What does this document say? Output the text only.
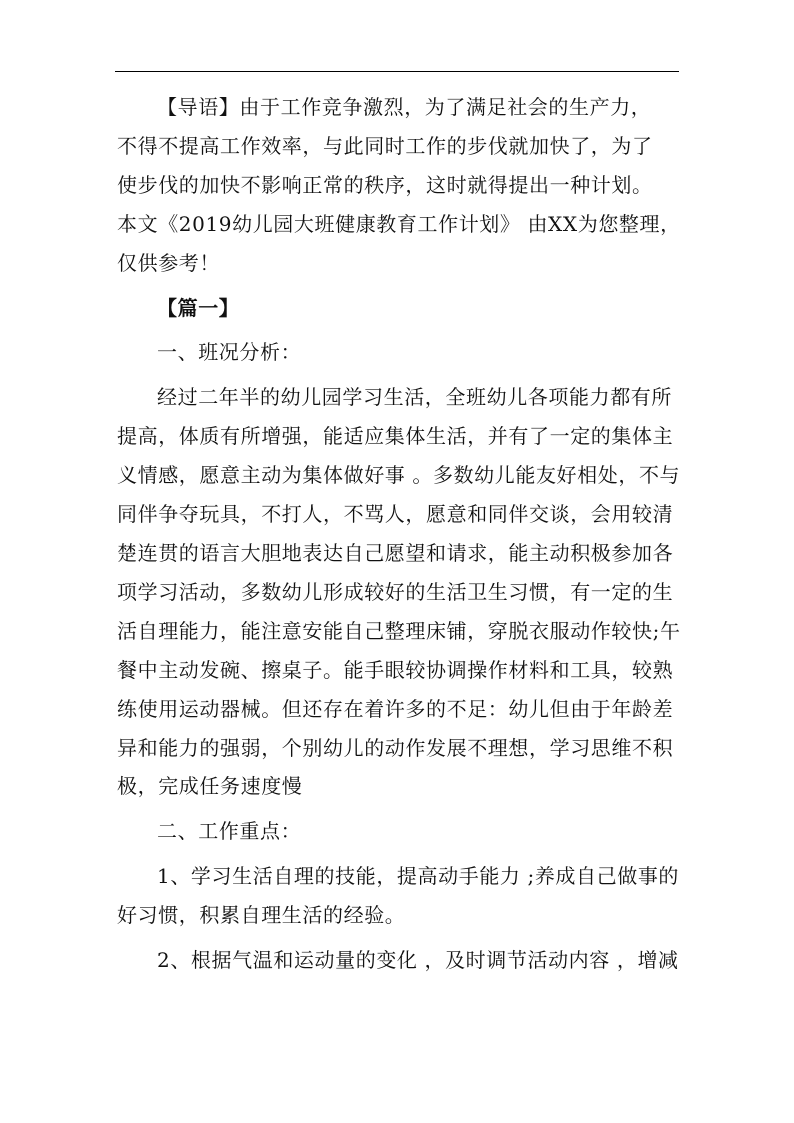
【导语】由于工作竞争激烈，为了满足社会的生产力，
不得不提高工作效率，与此同时工作的步伐就加快了，为了
使步伐的加快不影响正常的秩序，这时就得提出一种计划。
本文《2019幼儿园大班健康教育工作计划》 由XX为您整理，
仅供参考！

【篇一】

一、班况分析：

经过二年半的幼儿园学习生活，全班幼儿各项能力都有所提高，体质有所增强，能适应集体生活，并有了一定的集体主义情感，愿意主动为集体做好事 。多数幼儿能友好相处，不与同伴争夺玩具，不打人，不骂人，愿意和同伴交谈，会用较清楚连贯的语言大胆地表达自己愿望和请求，能主动积极参加各项学习活动，多数幼儿形成较好的生活卫生习惯，有一定的生活自理能力，能注意安能自己整理床铺，穿脱衣服动作较快;午餐中主动发碗、擦桌子。能手眼较协调操作材料和工具，较熟练使用运动器械。但还存在着许多的不足：幼儿但由于年龄差异和能力的强弱，个别幼儿的动作发展不理想，学习思维不积极，完成任务速度慢

二、工作重点：

1、学习生活自理的技能，提高动手能力 ;养成自己做事的好习惯，积累自理生活的经验。

2、根据气温和运动量的变化 ，及时调节活动内容 ，增减
